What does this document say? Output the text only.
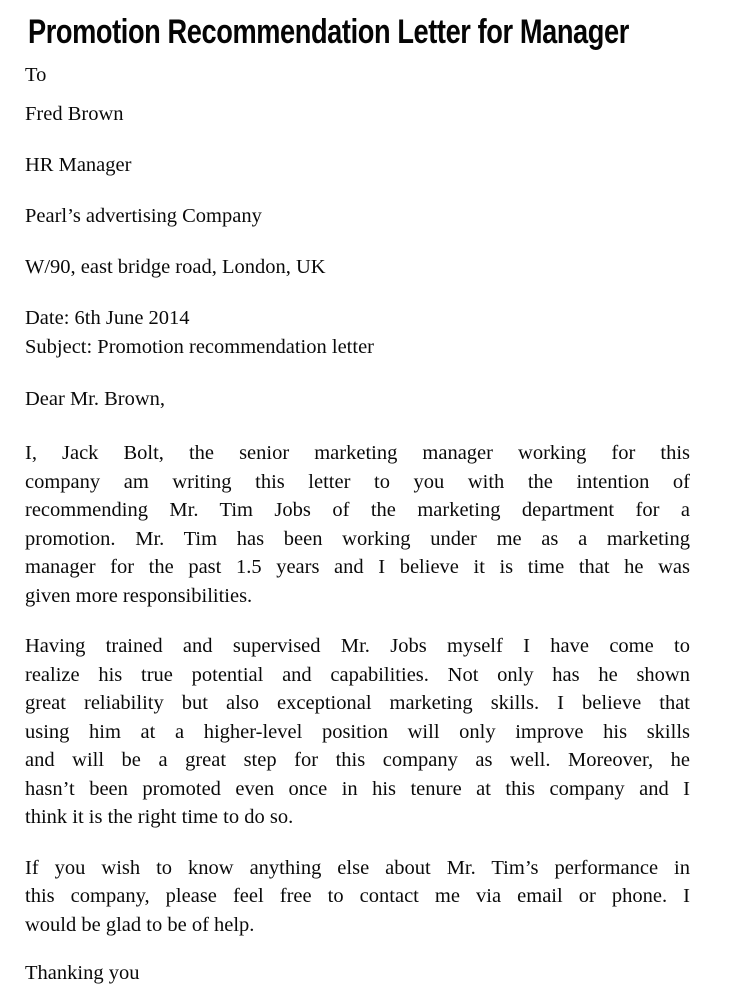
Promotion Recommendation Letter for Manager
To
Fred Brown
HR Manager
Pearl’s advertising Company
W/90, east bridge road, London, UK
Date: 6th June 2014
Subject: Promotion recommendation letter
Dear Mr. Brown,
I, Jack Bolt, the senior marketing manager working for this
company am writing this letter to you with the intention of
recommending Mr. Tim Jobs of the marketing department for a
promotion. Mr. Tim has been working under me as a marketing
manager for the past 1.5 years and I believe it is time that he was
given more responsibilities.
Having trained and supervised Mr. Jobs myself I have come to
realize his true potential and capabilities. Not only has he shown
great reliability but also exceptional marketing skills. I believe that
using him at a higher-level position will only improve his skills
and will be a great step for this company as well. Moreover, he
hasn’t been promoted even once in his tenure at this company and I
think it is the right time to do so.
If you wish to know anything else about Mr. Tim’s performance in
this company, please feel free to contact me via email or phone. I
would be glad to be of help.
Thanking you
